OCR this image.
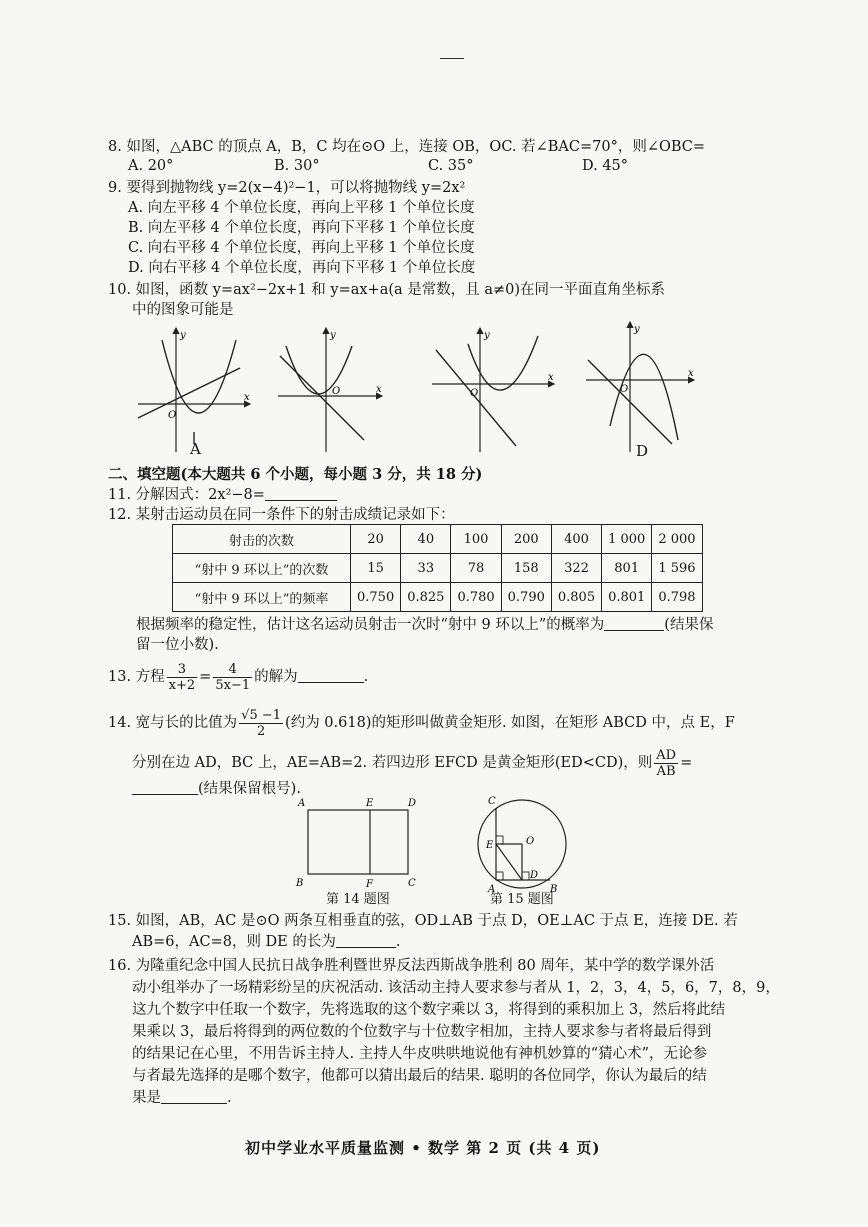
8. 如图，△ABC 的顶点 A，B，C 均在⊙O 上，连接 OB，OC. 若∠BAC=70°，则∠OBC=
A. 20°	B. 30°	C. 35°	D. 45°
9. 要得到抛物线 y=2(x−4)²−1，可以将抛物线 y=2x²
A. 向左平移 4 个单位长度，再向上平移 1 个单位长度
B. 向左平移 4 个单位长度，再向下平移 1 个单位长度
C. 向右平移 4 个单位长度，再向上平移 1 个单位长度
D. 向右平移 4 个单位长度，再向下平移 1 个单位长度
10. 如图，函数 y=ax²−2x+1 和 y=ax+a(a 是常数，且 a≠0)在同一平面直角坐标系
中的图象可能是
y
x
O
A
y
x
O
y
x
O
y
x
O
D
二、填空题(本大题共 6 个小题，每小题 3 分，共 18 分)
11. 分解因式：2x²−8=
12. 某射击运动员在同一条件下的射击成绩记录如下：
射击的次数	20	40	100	200	400	1 000	2 000
“射中 9 环以上”的次数	15	33	78	158	322	801	1 596
“射中 9 环以上”的频率	0.750	0.825	0.780	0.790	0.805	0.801	0.798
根据频率的稳定性，估计这名运动员射击一次时“射中 9 环以上”的概率为	(结果保
留一位小数).
13. 方程 $\frac{3}{x+2} = \frac{4}{5x-1}$ 的解为	.
14. 宽与长的比值为 $\frac{√5 -1}{2}$ (约为 0.618)的矩形叫做黄金矩形. 如图，在矩形 ABCD 中，点 E，F
分别在边 AD，BC 上，AE=AB=2. 若四边形 EFCD 是黄金矩形(ED<CD)，则 $\frac{AD}{AB}$ =
(结果保留根号).
A	E	D
B	F	C
第 14 题图
C
O
E
D
A	B
第 15 题图
15. 如图，AB，AC 是⊙O 两条互相垂直的弦，OD⊥AB 于点 D，OE⊥AC 于点 E，连接 DE. 若
AB=6，AC=8，则 DE 的长为	.
16. 为隆重纪念中国人民抗日战争胜利暨世界反法西斯战争胜利 80 周年，某中学的数学课外活
动小组举办了一场精彩纷呈的庆祝活动. 该活动主持人要求参与者从 1，2，3，4，5，6，7，8，9，
这九个数字中任取一个数字，先将选取的这个数字乘以 3，将得到的乘积加上 3，然后将此结
果乘以 3，最后将得到的两位数的个位数字与十位数字相加，主持人要求参与者将最后得到
的结果记在心里，不用告诉主持人. 主持人牛皮哄哄地说他有神机妙算的“猜心术”，无论参
与者最先选择的是哪个数字，他都可以猜出最后的结果. 聪明的各位同学，你认为最后的结
果是	.
初中学业水平质量监测 • 数学 第 2 页 (共 4 页)
